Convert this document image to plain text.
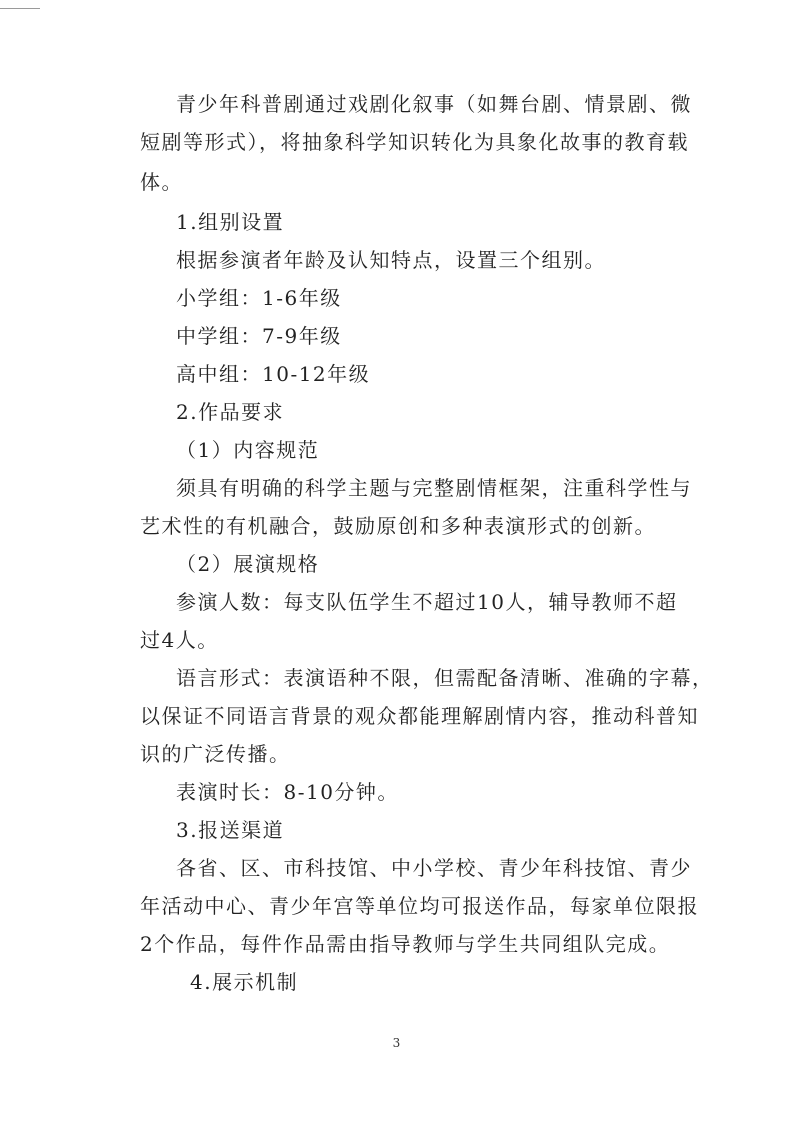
青少年科普剧通过戏剧化叙事（如舞台剧、情景剧、微
短剧等形式），将抽象科学知识转化为具象化故事的教育载
体。
1.组别设置
根据参演者年龄及认知特点，设置三个组别。
小学组：1-6年级
中学组：7-9年级
高中组：10-12年级
2.作品要求
（1）内容规范
须具有明确的科学主题与完整剧情框架，注重科学性与
艺术性的有机融合，鼓励原创和多种表演形式的创新。
（2）展演规格
参演人数：每支队伍学生不超过10人，辅导教师不超
过4人。
语言形式：表演语种不限，但需配备清晰、准确的字幕，
以保证不同语言背景的观众都能理解剧情内容，推动科普知
识的广泛传播。
表演时长：8-10分钟。
3.报送渠道
各省、区、市科技馆、中小学校、青少年科技馆、青少
年活动中心、青少年宫等单位均可报送作品，每家单位限报
2个作品，每件作品需由指导教师与学生共同组队完成。
4.展示机制
3
